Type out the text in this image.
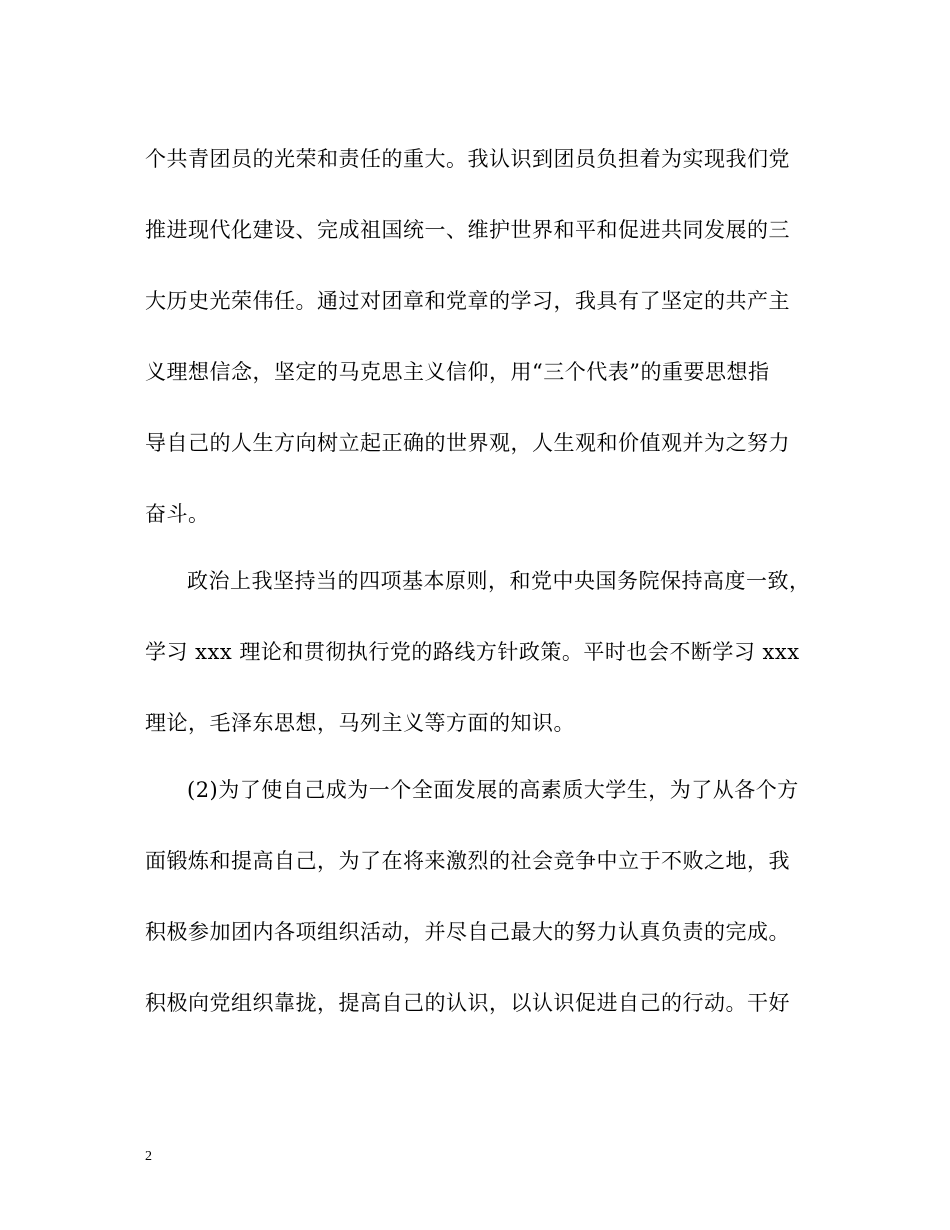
个共青团员的光荣和责任的重大。我认识到团员负担着为实现我们党
推进现代化建设、完成祖国统一、维护世界和平和促进共同发展的三
大历史光荣伟任。通过对团章和党章的学习，我具有了坚定的共产主
义理想信念，坚定的马克思主义信仰，用“三个代表”的重要思想指
导自己的人生方向树立起正确的世界观，人生观和价值观并为之努力
奋斗。
政治上我坚持当的四项基本原则，和党中央国务院保持高度一致，
学习 xxx 理论和贯彻执行党的路线方针政策。平时也会不断学习 xxx
理论，毛泽东思想，马列主义等方面的知识。
(2)为了使自己成为一个全面发展的高素质大学生，为了从各个方
面锻炼和提高自己，为了在将来激烈的社会竞争中立于不败之地，我
积极参加团内各项组织活动，并尽自己最大的努力认真负责的完成。
积极向党组织靠拢，提高自己的认识，以认识促进自己的行动。干好
2
